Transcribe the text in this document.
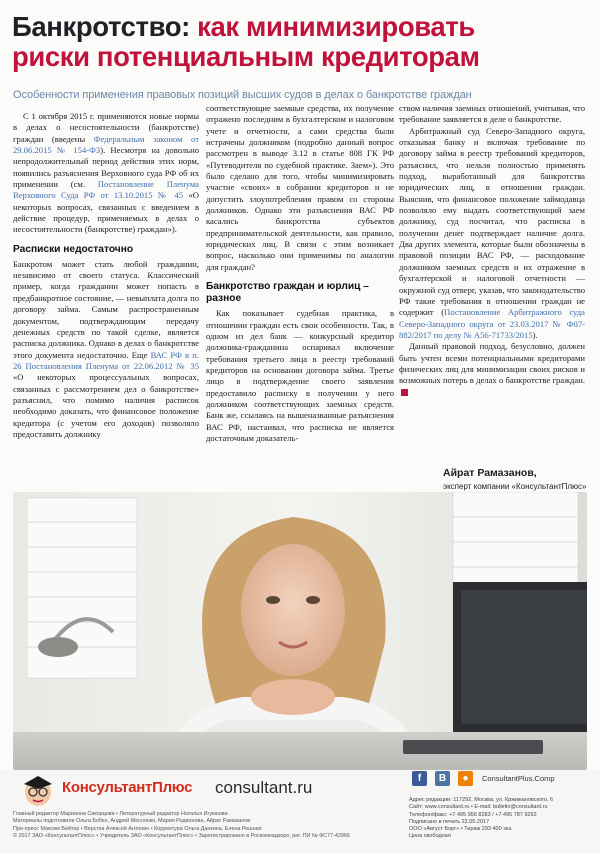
Банкротство: как минимизировать
риски потенциальным кредиторам
Особенности применения правовых позиций высших судов в делах о банкротстве граждан

С 1 октября 2015 г. применяются новые нормы в делах о несостоятельности (банкротстве) граждан (введены Федеральным законом от 29.06.2015 № 154-ФЗ). Несмотря на довольно непродолжительный период действия этих норм, появились разъяснения Верховного суда РФ об их применении (см. Постановление Пленума Верховного Суда РФ от 13.10.2015 № 45 «О некоторых вопросах, связанных с введением в действие процедур, применяемых в делах о несостоятельности (банкротстве) граждан»).

Расписки недостаточно

Банкротом может стать любой гражданин, независимо от своего статуса. Классический пример, когда гражданин может попасть в предбанкротное состояние, — невыплата долга по договору займа. Самым распространенным документом, подтверждающим передачу денежных средств по такой сделке, является расписка должника. Однако в делах о банкротстве этого документа недостаточно. Еще ВАС РФ в п. 26 Постановления Пленума от 22.06.2012 № 35 «О некоторых процессуальных вопросах, связанных с рассмотрением дел о банкротстве» разъяснил, что помимо наличия расписок необходимо доказать, что финансовое положение кредитора (с учетом его доходов) позволяло предоставить должнику

соответствующие заемные средства, их получение отражено последним в бухгалтерском и налоговом учете и отчетности, а сами средства были истрачены должником (подробно данный вопрос рассмотрен в выводе 3.12 в статье 808 ГК РФ «Путеводителя по судебной практике. Заем»). Это было сделано для того, чтобы минимизировать участие «своих» в собрании кредиторов и не допустить злоупотребления правом со стороны должников. Однако эти разъяснения ВАС РФ касались банкротства субъектов предпринимательской деятельности, как правило, юридических лиц. В связи с этим возникает вопрос, насколько они применимы по аналогии для граждан?

Банкротство граждан и юрлиц – разное

Как показывает судебная практика, в отношении граждан есть свои особенности. Так, в одном из дел банк — конкурсный кредитор должника-гражданина оспаривал включение требования третьего лица в реестр требований кредиторов на основании договора займа. Третье лицо в подтверждение своего заявления предоставило расписку в получении у него должником соответствующих заемных средств. Банк же, ссылаясь на вышеназванные разъяснения ВАС РФ, настаивал, что расписка не является достаточным доказатель-

ством наличия заемных отношений, учитывая, что требование заявляется в деле о банкротстве.

Арбитражный суд Северо-Западного округа, отказывая банку и включая требование по договору займа в реестр требований кредиторов, разъяснил, что нельзя полностью применять подход, выработанный для банкротства юридических лиц, в отношении граждан. Выяснив, что финансовое положение займодавца позволяло ему выдать соответствующий заем должнику, суд посчитал, что расписка в получении денег подтверждает наличие долга. Два других элемента, которые были обозначены в правовой позиции ВАС РФ, — расходование должником заемных средств и их отражение в бухгалтерской и налоговой отчетности — окружной суд отверг, указав, что законодательство РФ такие требования в отношении граждан не содержит (Постановление Арбитражного суда Северо-Западного округа от 23.03.2017 № Ф07-882/2017 по делу № А56-71733/2015).

Данный правовой подход, безусловно, должен быть учтен всеми потенциальными кредиторами физических лиц для минимизации своих рисков и возможных потерь в делах о банкротстве граждан.

Айрат Рамазанов,
эксперт компании «КонсультантПлюс»
КонсультантПлюс consultant.ru	f	В	●	ConsultantPlus.Comp
Главный редактор Марианна Сикорцова • Литературный редактор Наталья Игумнова
Материалы подготовили Ольга Бобко, Андрей Меснянко, Мария Родионова, Айрат Рамазанов
Пре-пресс Максим Бейтер • Верстка Алексей Антонин • Корректура Ольга Данкина, Елена Решная
© 2017 ЗАО «КонсультантПлюс» • Учредитель ЗАО «КонсультантПлюс» • Зарегистрировано в Роскомнадзоре, рег. ПИ № ФС77-42966
Адрес редакции: 117292, Москва, ул. Кржижановского, 6
Сайт: www.consultant.ru • E-mail: bulletin@consultant.ru
Телефон/факс: +7 495 956 8283 / +7 495 787 9292
Подписано в печать 22.05.2017
ООО «Август Борг» • Тираж 293 400 экз.
Цена свободная
